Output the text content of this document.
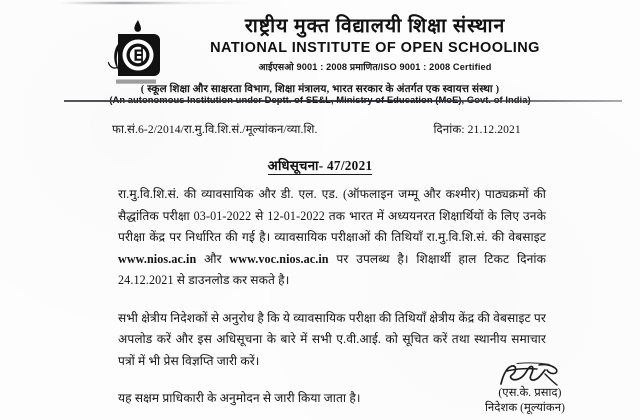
राष्ट्रीय मुक्त विद्यालयी शिक्षा संस्थान
NATIONAL INSTITUTE OF OPEN SCHOOLING
आईएसओ 9001 : 2008 प्रमाणित/ISO 9001 : 2008 Certified
( स्कूल शिक्षा और साक्षरता विभाग, शिक्षा मंत्रालय, भारत सरकार के अंतर्गत एक स्वायत्त संस्था )
फा.सं.6-2/2014/रा.मु.वि.शि.सं./मूल्यांकन/व्या.शि.	दिनांक: 21.12.2021
अधिसूचना- 47/2021

रा.मु.वि.शि.सं. की व्यावसायिक और डी. एल. एड. (ऑफलाइन जम्मू और कश्मीर) पाठ्यक्रमों की सैद्धांतिक परीक्षा 03-01-2022 से 12-01-2022 तक भारत में अध्ययनरत शिक्षार्थियों के लिए उनके परीक्षा केंद्र पर निर्धारित की गई है। व्यावसायिक परीक्षाओं की तिथियाँ रा.मु.वि.शि.सं. की वेबसाइट www.nios.ac.in और www.voc.nios.ac.in पर उपलब्ध है। शिक्षार्थी हाल टिकट दिनांक 24.12.2021 से डाउनलोड कर सकते है।

सभी क्षेत्रीय निदेशकों से अनुरोध है कि ये व्यावसायिक परीक्षा की तिथियाँ क्षेत्रीय केंद्र की वेबसाइट पर अपलोड करें और इस अधिसूचना के बारे में सभी ए.वी.आई. को सूचित करें तथा स्थानीय समाचार पत्रों में भी प्रेस विज्ञप्ति जारी करें।

यह सक्षम प्राधिकारी के अनुमोदन से जारी किया जाता है।	(एस.के. प्रसाद)
निदेशक (मूल्यांकन)
